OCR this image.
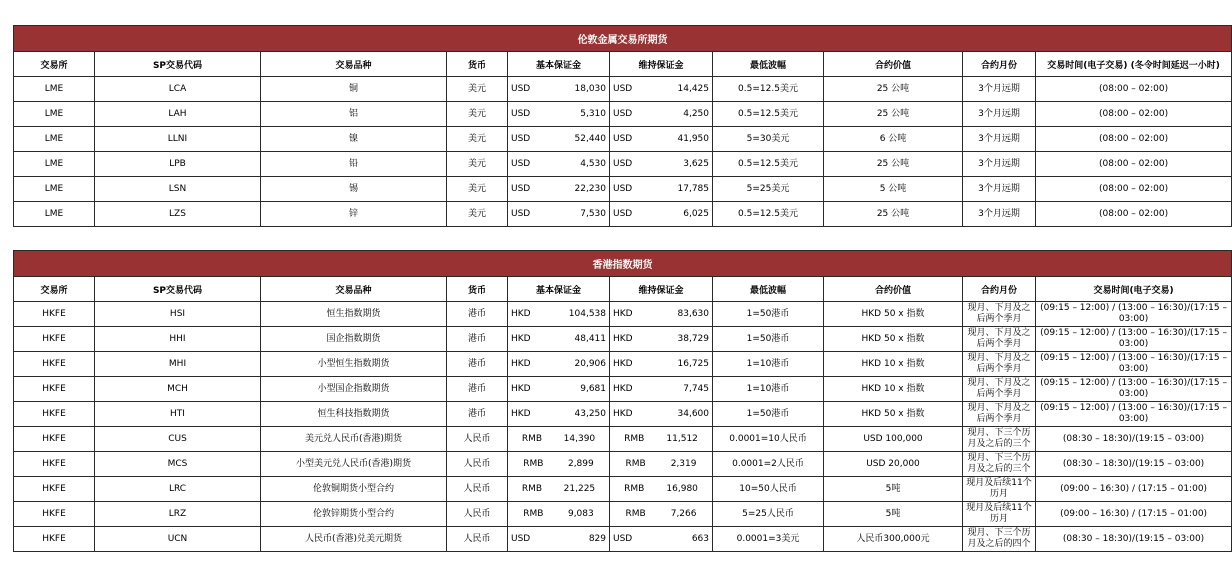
伦敦金属交易所期货									
交易所	SP交易代码	交易品种	货币	基本保证金	维持保证金	最低波幅	合约价值	合约月份	交易时间(电子交易) (冬令时间延迟一小时)
LME	LCA	铜	美元	USD 18,030	USD 14,425	0.5=12.5美元	25 公吨	3个月远期	(08:00 – 02:00)
LME	LAH	铝	美元	USD 5,310	USD 4,250	0.5=12.5美元	25 公吨	3个月远期	(08:00 – 02:00)
LME	LLNI	镍	美元	USD 52,440	USD 41,950	5=30美元	6 公吨	3个月远期	(08:00 – 02:00)
LME	LPB	铅	美元	USD 4,530	USD 3,625	0.5=12.5美元	25 公吨	3个月远期	(08:00 – 02:00)
LME	LSN	锡	美元	USD 22,230	USD 17,785	5=25美元	5 公吨	3个月远期	(08:00 – 02:00)
LME	LZS	锌	美元	USD 7,530	USD 6,025	0.5=12.5美元	25 公吨	3个月远期	(08:00 – 02:00)
香港指数期货									
交易所	SP交易代码	交易品种	货币	基本保证金	维持保证金	最低波幅	合约价值	合约月份	交易时间(电子交易)
HKFE	HSI	恒生指数期货	港币	HKD 104,538	HKD 83,630	1=50港币	HKD 50 x 指数	现月、下月及之后两个季月	(09:15 – 12:00) / (13:00 – 16:30)/(17:15 – 03:00)
HKFE	HHI	国企指数期货	港币	HKD 48,411	HKD 38,729	1=50港币	HKD 50 x 指数	现月、下月及之后两个季月	(09:15 – 12:00) / (13:00 – 16:30)/(17:15 – 03:00)
HKFE	MHI	小型恒生指数期货	港币	HKD 20,906	HKD 16,725	1=10港币	HKD 10 x 指数	现月、下月及之后两个季月	(09:15 – 12:00) / (13:00 – 16:30)/(17:15 – 03:00)
HKFE	MCH	小型国企指数期货	港币	HKD 9,681	HKD 7,745	1=10港币	HKD 10 x 指数	现月、下月及之后两个季月	(09:15 – 12:00) / (13:00 – 16:30)/(17:15 – 03:00)
HKFE	HTI	恒生科技指数期货	港币	HKD 43,250	HKD 34,600	1=50港币	HKD 50 x 指数	现月、下月及之后两个季月	(09:15 – 12:00) / (13:00 – 16:30)/(17:15 – 03:00)
HKFE	CUS	美元兑人民币(香港)期货	人民币	RMB 14,390	RMB 11,512	0.0001=10人民币	USD 100,000	现月、下三个历月及之后的三个	(08:30 – 18:30)/(19:15 – 03:00)
HKFE	MCS	小型美元兑人民币(香港)期货	人民币	RMB 2,899	RMB 2,319	0.0001=2人民币	USD 20,000	现月、下三个历月及之后的三个	(08:30 – 18:30)/(19:15 – 03:00)
HKFE	LRC	伦敦铜期货小型合约	人民币	RMB 21,225	RMB 16,980	10=50人民币	5吨	现月及后续11个历月	(09:00 – 16:30) / (17:15 – 01:00)
HKFE	LRZ	伦敦锌期货小型合约	人民币	RMB 9,083	RMB 7,266	5=25人民币	5吨	现月及后续11个历月	(09:00 – 16:30) / (17:15 – 01:00)
HKFE	UCN	人民币(香港)兑美元期货	人民币	USD 829	USD 663	0.0001=3美元	人民币300,000元	现月、下三个历月及之后的四个	(08:30 – 18:30)/(19:15 – 03:00)
